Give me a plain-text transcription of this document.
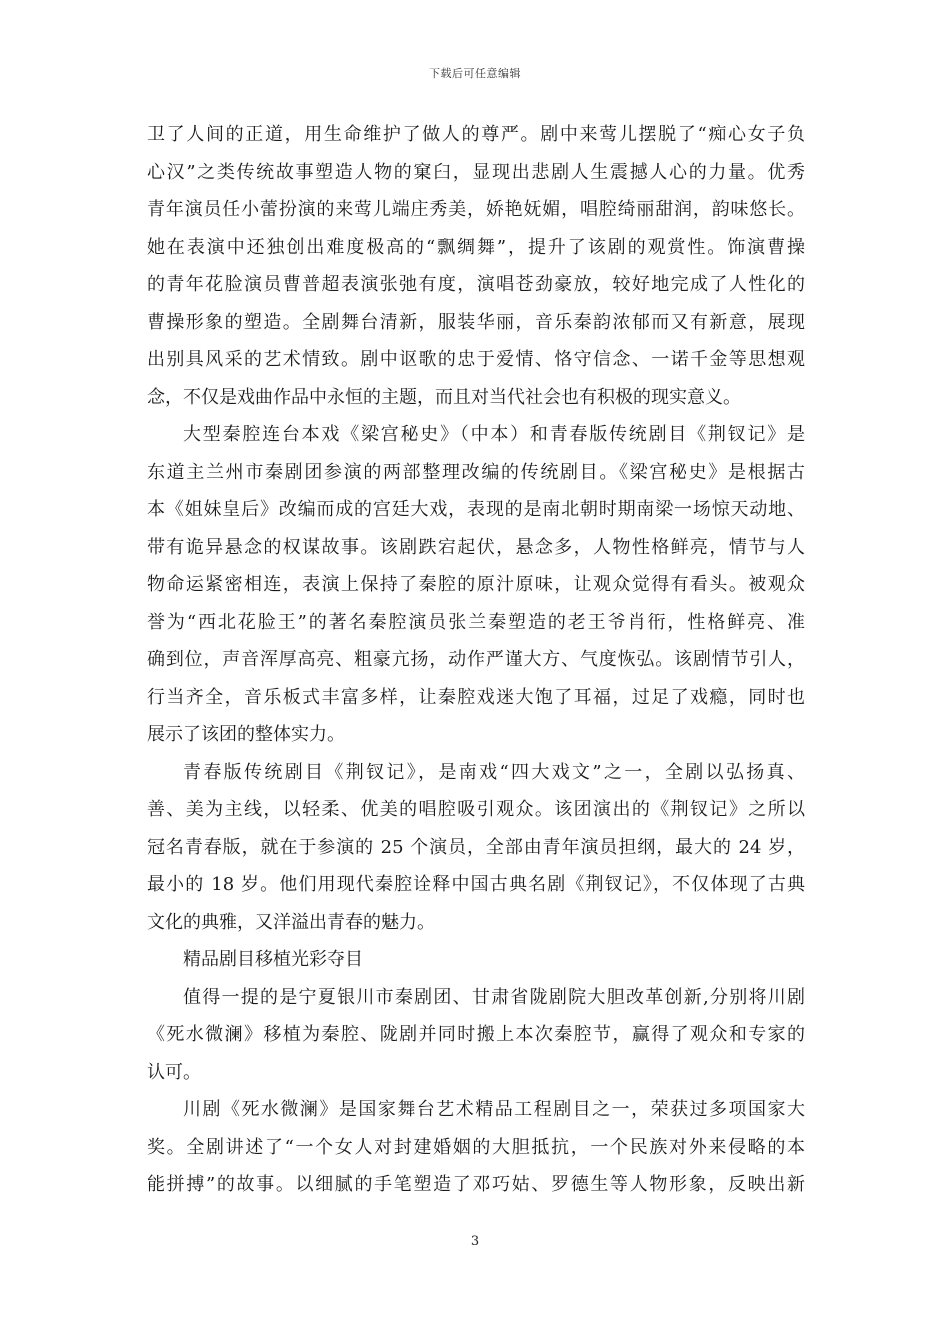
下载后可任意编辑
卫了人间的正道，用生命维护了做人的尊严。剧中来莺儿摆脱了“痴心女子负
心汉”之类传统故事塑造人物的窠臼，显现出悲剧人生震撼人心的力量。优秀
青年演员任小蕾扮演的来莺儿端庄秀美，娇艳妩媚，唱腔绮丽甜润，韵味悠长。
她在表演中还独创出难度极高的“飘绸舞”，提升了该剧的观赏性。饰演曹操
的青年花脸演员曹普超表演张弛有度，演唱苍劲豪放，较好地完成了人性化的
曹操形象的塑造。全剧舞台清新，服装华丽，音乐秦韵浓郁而又有新意，展现
出别具风采的艺术情致。剧中讴歌的忠于爱情、恪守信念、一诺千金等思想观
念，不仅是戏曲作品中永恒的主题，而且对当代社会也有积极的现实意义。
大型秦腔连台本戏《梁宫秘史》（中本）和青春版传统剧目《荆钗记》是
东道主兰州市秦剧团参演的两部整理改编的传统剧目。《梁宫秘史》是根据古
本《姐妹皇后》改编而成的宫廷大戏，表现的是南北朝时期南梁一场惊天动地、
带有诡异悬念的权谋故事。该剧跌宕起伏，悬念多，人物性格鲜亮，情节与人
物命运紧密相连，表演上保持了秦腔的原汁原味，让观众觉得有看头。被观众
誉为“西北花脸王”的著名秦腔演员张兰秦塑造的老王爷肖衎，性格鲜亮、准
确到位，声音浑厚高亮、粗豪亢扬，动作严谨大方、气度恢弘。该剧情节引人，
行当齐全，音乐板式丰富多样，让秦腔戏迷大饱了耳福，过足了戏瘾，同时也
展示了该团的整体实力。
青春版传统剧目《荆钗记》，是南戏“四大戏文”之一，全剧以弘扬真、
善、美为主线，以轻柔、优美的唱腔吸引观众。该团演出的《荆钗记》之所以
冠名青春版，就在于参演的 25 个演员，全部由青年演员担纲，最大的 24 岁，
最小的 18 岁。他们用现代秦腔诠释中国古典名剧《荆钗记》，不仅体现了古典
文化的典雅，又洋溢出青春的魅力。
精品剧目移植光彩夺目
值得一提的是宁夏银川市秦剧团、甘肃省陇剧院大胆改革创新,分别将川剧
《死水微澜》移植为秦腔、陇剧并同时搬上本次秦腔节，赢得了观众和专家的
认可。
川剧《死水微澜》是国家舞台艺术精品工程剧目之一，荣获过多项国家大
奖。全剧讲述了“一个女人对封建婚姻的大胆抵抗，一个民族对外来侵略的本
能拼搏”的故事。以细腻的手笔塑造了邓巧姑、罗德生等人物形象，反映出新
3
